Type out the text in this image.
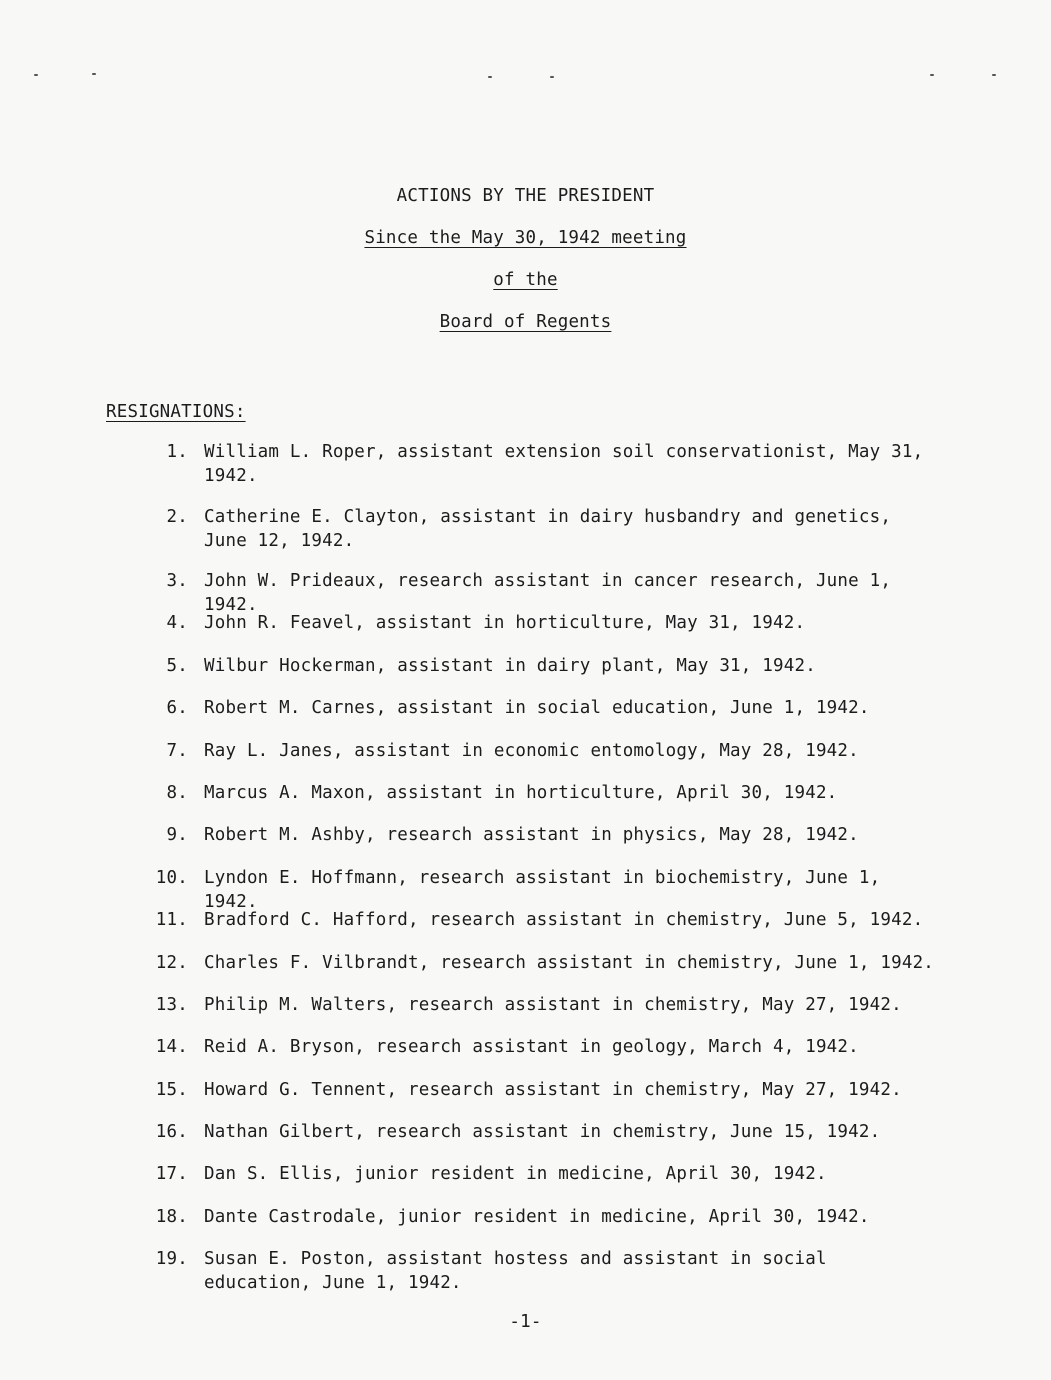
ACTIONS BY THE PRESIDENT
Since the May 30, 1942 meeting
of the
Board of Regents
RESIGNATIONS:
1. William L. Roper, assistant extension soil conservationist, May 31, 1942.
2. Catherine E. Clayton, assistant in dairy husbandry and genetics, June 12, 1942.
3. John W. Prideaux, research assistant in cancer research, June 1, 1942.
4. John R. Feavel, assistant in horticulture, May 31, 1942.
5. Wilbur Hockerman, assistant in dairy plant, May 31, 1942.
6. Robert M. Carnes, assistant in social education, June 1, 1942.
7. Ray L. Janes, assistant in economic entomology, May 28, 1942.
8. Marcus A. Maxon, assistant in horticulture, April 30, 1942.
9. Robert M. Ashby, research assistant in physics, May 28, 1942.
10. Lyndon E. Hoffmann, research assistant in biochemistry, June 1, 1942.
11. Bradford C. Hafford, research assistant in chemistry, June 5, 1942.
12. Charles F. Vilbrandt, research assistant in chemistry, June 1, 1942.
13. Philip M. Walters, research assistant in chemistry, May 27, 1942.
14. Reid A. Bryson, research assistant in geology, March 4, 1942.
15. Howard G. Tennent, research assistant in chemistry, May 27, 1942.
16. Nathan Gilbert, research assistant in chemistry, June 15, 1942.
17. Dan S. Ellis, junior resident in medicine, April 30, 1942.
18. Dante Castrodale, junior resident in medicine, April 30, 1942.
19. Susan E. Poston, assistant hostess and assistant in social education, June 1, 1942.
-1-
